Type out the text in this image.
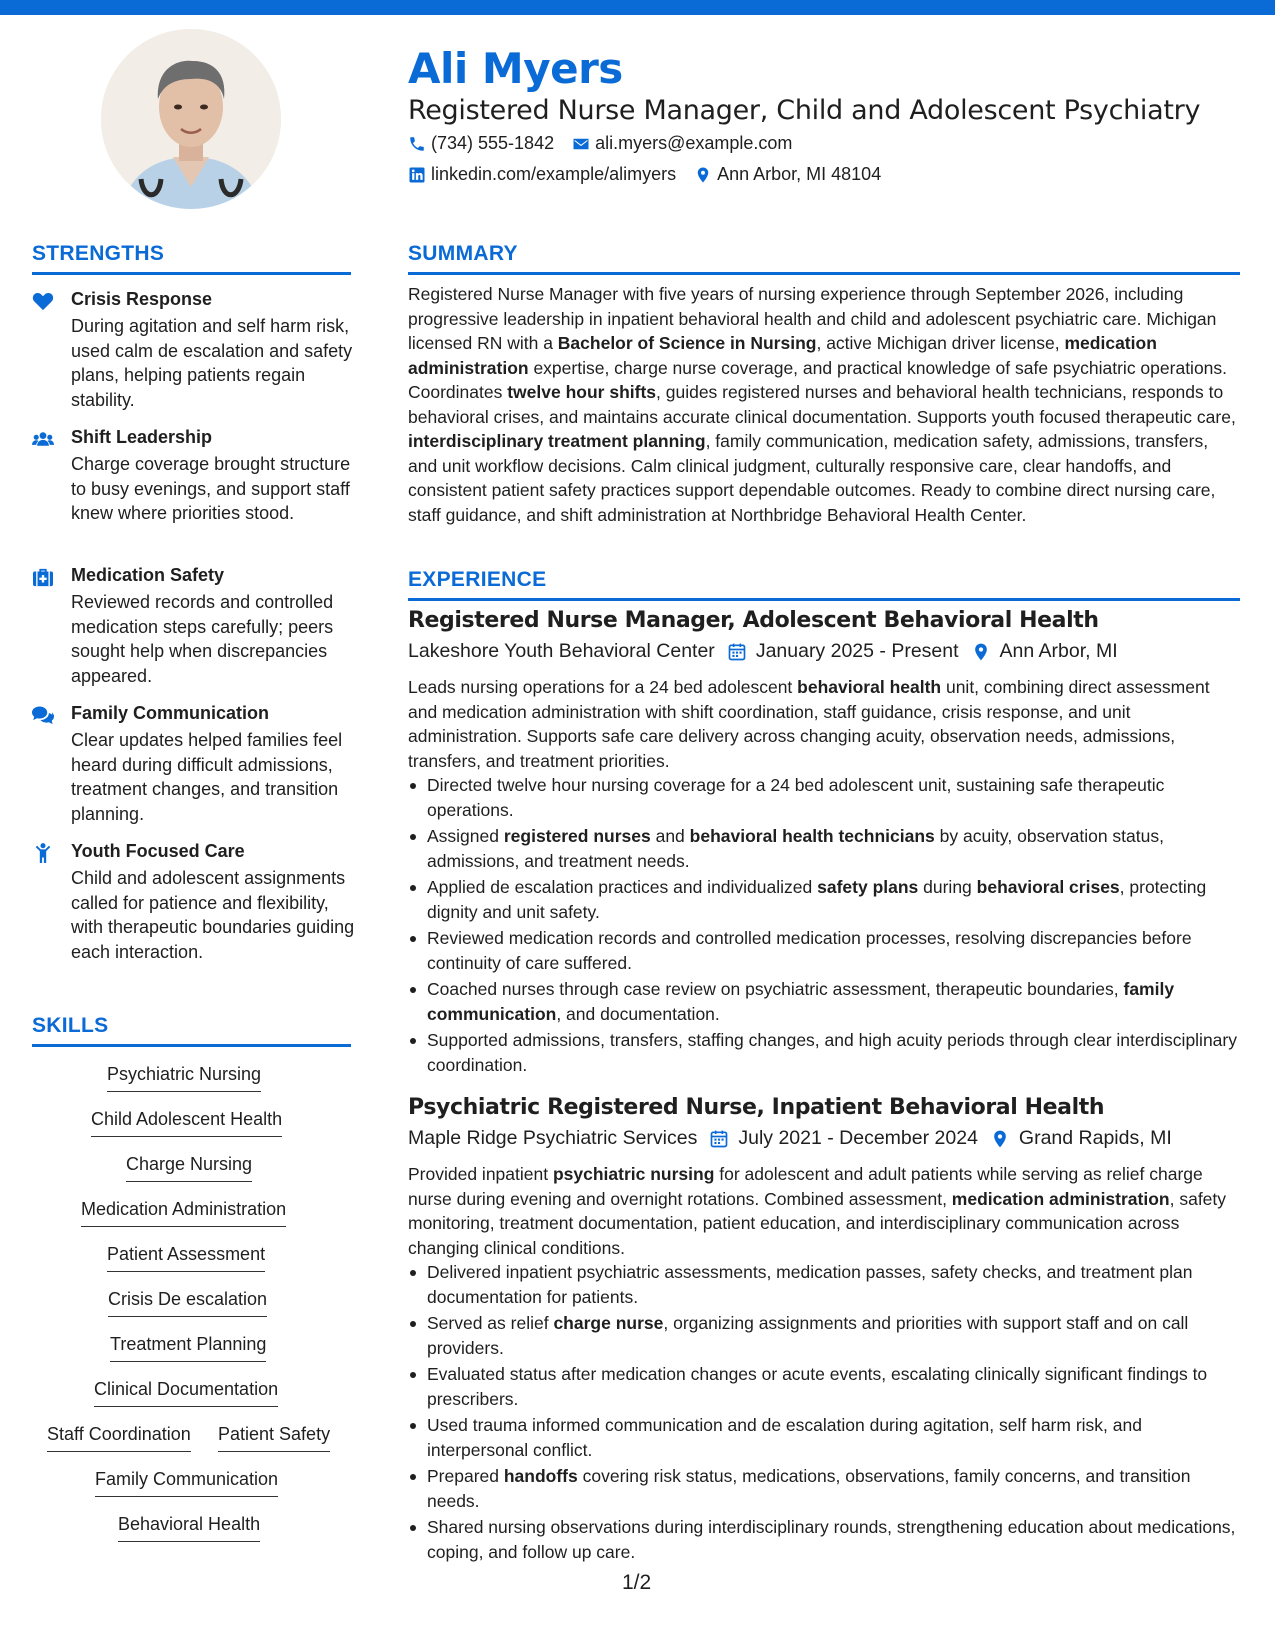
Ali Myers
Registered Nurse Manager, Child and Adolescent Psychiatry
(734) 555-1842 ali.myers@example.com
linkedin.com/example/alimyers Ann Arbor, MI 48104
STRENGTHS
Crisis Response
During agitation and self harm risk, used calm de escalation and safety plans, helping patients regain stability.
Shift Leadership
Charge coverage brought structure to busy evenings, and support staff knew where priorities stood.
Medication Safety
Reviewed records and controlled medication steps carefully; peers sought help when discrepancies appeared.
Family Communication
Clear updates helped families feel heard during difficult admissions, treatment changes, and transition planning.
Youth Focused Care
Child and adolescent assignments called for patience and flexibility, with therapeutic boundaries guiding each interaction.
SKILLS
Psychiatric Nursing
Child Adolescent Health
Charge Nursing
Medication Administration
Patient Assessment
Crisis De escalation
Treatment Planning
Clinical Documentation
Staff Coordination Patient Safety
Family Communication
Behavioral Health
SUMMARY
Registered Nurse Manager with five years of nursing experience through September 2026, including progressive leadership in inpatient behavioral health and child and adolescent psychiatric care. Michigan licensed RN with a Bachelor of Science in Nursing, active Michigan driver license, medication administration expertise, charge nurse coverage, and practical knowledge of safe psychiatric operations. Coordinates twelve hour shifts, guides registered nurses and behavioral health technicians, responds to behavioral crises, and maintains accurate clinical documentation. Supports youth focused therapeutic care, interdisciplinary treatment planning, family communication, medication safety, admissions, transfers, and unit workflow decisions. Calm clinical judgment, culturally responsive care, clear handoffs, and consistent patient safety practices support dependable outcomes. Ready to combine direct nursing care, staff guidance, and shift administration at Northbridge Behavioral Health Center.
EXPERIENCE
Registered Nurse Manager, Adolescent Behavioral Health
Lakeshore Youth Behavioral Center January 2025 - Present Ann Arbor, MI
Leads nursing operations for a 24 bed adolescent behavioral health unit, combining direct assessment and medication administration with shift coordination, staff guidance, crisis response, and unit administration. Supports safe care delivery across changing acuity, observation needs, admissions, transfers, and treatment priorities.
Directed twelve hour nursing coverage for a 24 bed adolescent unit, sustaining safe therapeutic operations.
Assigned registered nurses and behavioral health technicians by acuity, observation status, admissions, and treatment needs.
Applied de escalation practices and individualized safety plans during behavioral crises, protecting dignity and unit safety.
Reviewed medication records and controlled medication processes, resolving discrepancies before continuity of care suffered.
Coached nurses through case review on psychiatric assessment, therapeutic boundaries, family communication, and documentation.
Supported admissions, transfers, staffing changes, and high acuity periods through clear interdisciplinary coordination.
Psychiatric Registered Nurse, Inpatient Behavioral Health
Maple Ridge Psychiatric Services July 2021 - December 2024 Grand Rapids, MI
Provided inpatient psychiatric nursing for adolescent and adult patients while serving as relief charge nurse during evening and overnight rotations. Combined assessment, medication administration, safety monitoring, treatment documentation, patient education, and interdisciplinary communication across changing clinical conditions.
Delivered inpatient psychiatric assessments, medication passes, safety checks, and treatment plan documentation for patients.
Served as relief charge nurse, organizing assignments and priorities with support staff and on call providers.
Evaluated status after medication changes or acute events, escalating clinically significant findings to prescribers.
Used trauma informed communication and de escalation during agitation, self harm risk, and interpersonal conflict.
Prepared handoffs covering risk status, medications, observations, family concerns, and transition needs.
Shared nursing observations during interdisciplinary rounds, strengthening education about medications, coping, and follow up care.
1/2
